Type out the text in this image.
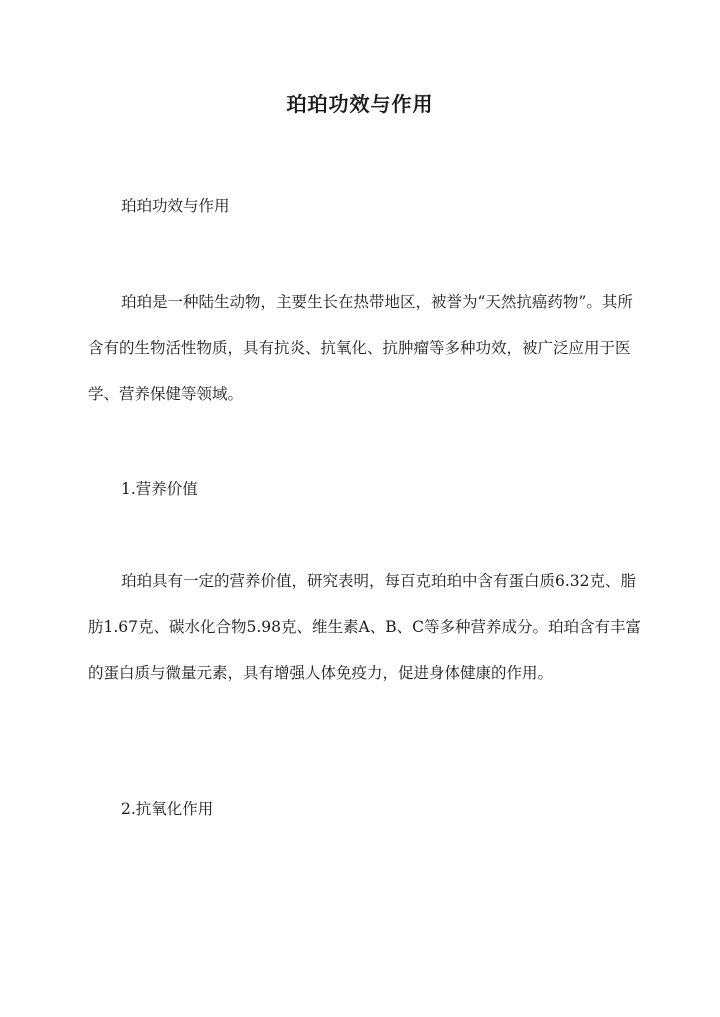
珀珀功效与作用

珀珀功效与作用

珀珀是一种陆生动物，主要生长在热带地区，被誉为“天然抗癌药物”。其所含有的生物活性物质，具有抗炎、抗氧化、抗肿瘤等多种功效，被广泛应用于医学、营养保健等领域。

1.营养价值

珀珀具有一定的营养价值，研究表明，每百克珀珀中含有蛋白质6.32克、脂肪1.67克、碳水化合物5.98克、维生素A、B、C等多种营养成分。珀珀含有丰富的蛋白质与微量元素，具有增强人体免疫力，促进身体健康的作用。

2.抗氧化作用
